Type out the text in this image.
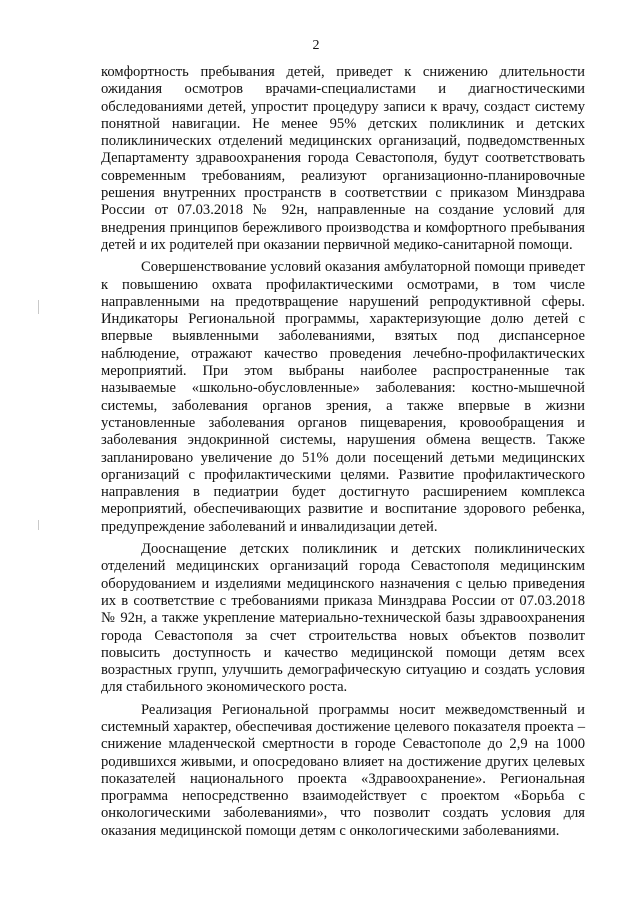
2

комфортность пребывания детей, приведет к снижению длительности ожидания осмотров врачами-специалистами и диагностическими обследованиями детей, упростит процедуру записи к врачу, создаст систему понятной навигации. Не менее 95% детских поликлиник и детских поликлинических отделений медицинских организаций, подведомственных Департаменту здравоохранения города Севастополя, будут соответствовать современным требованиям, реализуют организационно-планировочные решения внутренних пространств в соответствии с приказом Минздрава России от 07.03.2018 № 92н, направленные на создание условий для внедрения принципов бережливого производства и комфортного пребывания детей и их родителей при оказании первичной медико-санитарной помощи.

Совершенствование условий оказания амбулаторной помощи приведет к повышению охвата профилактическими осмотрами, в том числе направленными на предотвращение нарушений репродуктивной сферы. Индикаторы Региональной программы, характеризующие долю детей с впервые выявленными заболеваниями, взятых под диспансерное наблюдение, отражают качество проведения лечебно-профилактических мероприятий. При этом выбраны наиболее распространенные так называемые «школьно-обусловленные» заболевания: костно-мышечной системы, заболевания органов зрения, а также впервые в жизни установленные заболевания органов пищеварения, кровообращения и заболевания эндокринной системы, нарушения обмена веществ. Также запланировано увеличение до 51% доли посещений детьми медицинских организаций с профилактическими целями. Развитие профилактического направления в педиатрии будет достигнуто расширением комплекса мероприятий, обеспечивающих развитие и воспитание здорового ребенка, предупреждение заболеваний и инвалидизации детей.

Дооснащение детских поликлиник и детских поликлинических отделений медицинских организаций города Севастополя медицинским оборудованием и изделиями медицинского назначения с целью приведения их в соответствие с требованиями приказа Минздрава России от 07.03.2018 № 92н, а также укрепление материально-технической базы здравоохранения города Севастополя за счет строительства новых объектов позволит повысить доступность и качество медицинской помощи детям всех возрастных групп, улучшить демографическую ситуацию и создать условия для стабильного экономического роста.

Реализация Региональной программы носит межведомственный и системный характер, обеспечивая достижение целевого показателя проекта – снижение младенческой смертности в городе Севастополе до 2,9 на 1000 родившихся живыми, и опосредовано влияет на достижение других целевых показателей национального проекта «Здравоохранение». Региональная программа непосредственно взаимодействует с проектом «Борьба с онкологическими заболеваниями», что позволит создать условия для оказания медицинской помощи детям с онкологическими заболеваниями.
